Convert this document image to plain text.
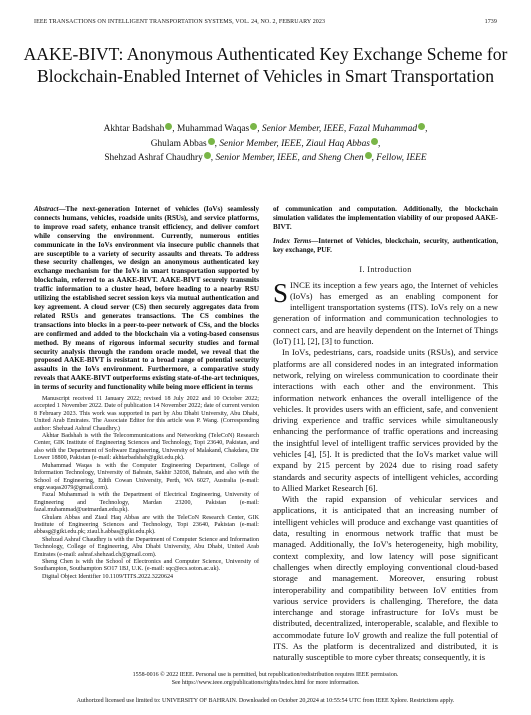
IEEE TRANSACTIONS ON INTELLIGENT TRANSPORTATION SYSTEMS, VOL. 24, NO. 2, FEBRUARY 2023	1739
AAKE-BIVT: Anonymous Authenticated Key Exchange Scheme for Blockchain-Enabled Internet of Vehicles in Smart Transportation
Akhtar Badshah , Muhammad Waqas , Senior Member, IEEE, Fazal Muhammad ,
Ghulam Abbas , Senior Member, IEEE, Ziaul Haq Abbas ,
Shehzad Ashraf Chaudhry , Senior Member, IEEE, and Sheng Chen , Fellow, IEEE
Abstract—The next-generation Internet of vehicles (IoVs) seamlessly connects humans, vehicles, roadside units (RSUs), and service platforms, to improve road safety, enhance transit efficiency, and deliver comfort while conserving the environment. Currently, numerous entities communicate in the IoVs environment via insecure public channels that are susceptible to a variety of security assaults and threats. To address these security challenges, we design an anonymous authenticated key exchange mechanism for the IoVs in smart transportation supported by blockchain, referred to as AAKE-BIVT. AAKE-BIVT securely transmits traffic information to a cluster head, before heading to a nearby RSU utilizing the established secret session keys via mutual authentication and key agreement. A cloud server (CS) then securely aggregates data from related RSUs and generates transactions. The CS combines the transactions into blocks in a peer-to-peer network of CSs, and the blocks are confirmed and added to the blockchain via a voting-based consensus method. By means of rigorous informal security studies and formal security analysis through the random oracle model, we reveal that the proposed AAKE-BIVT is resistant to a broad range of potential security assaults in the IoVs environment. Furthermore, a comparative study reveals that AAKE-BIVT outperforms existing state-of-the-art techniques, in terms of security and functionality while being more efficient in terms

Manuscript received 11 January 2022; revised 18 July 2022 and 10 October 2022; accepted 1 November 2022. Date of publication 14 November 2022; date of current version 8 February 2023. This work was supported in part by Abu Dhabi University, Abu Dhabi, United Arab Emirates. The Associate Editor for this article was P. Wang. (Corresponding author: Shehzad Ashraf Chaudhry.)

Akhtar Badshah is with the Telecommunications and Networking (TeleCoN) Research Center, GIK Institute of Engineering Sciences and Technology, Topi 23640, Pakistan, and also with the Department of Software Engineering, University of Malakand, Chakdara, Dir Lower 18800, Pakistan (e-mail: akhtarbadshah@giki.edu.pk).

Muhammad Waqas is with the Computer Engineering Department, College of Information Technology, University of Bahrain, Sakhir 32038, Bahrain, and also with the School of Engineering, Edith Cowan University, Perth, WA 6027, Australia (e-mail: engr.waqas2079@gmail.com).

Fazal Muhammad is with the Department of Electrical Engineering, University of Engineering and Technology, Mardan 23200, Pakistan (e-mail: fazal.muhammad@uetmardan.edu.pk).

Ghulam Abbas and Ziaul Haq Abbas are with the TeleCoN Research Center, GIK Institute of Engineering Sciences and Technology, Topi 23640, Pakistan (e-mail: abbasg@giki.edu.pk; ziaul.h.abbas@giki.edu.pk).

Shehzad Ashraf Chaudhry is with the Department of Computer Science and Information Technology, College of Engineering, Abu Dhabi University, Abu Dhabi, United Arab Emirates (e-mail: ashraf.shehzad.ch@gmail.com).

Sheng Chen is with the School of Electronics and Computer Science, University of Southampton, Southampton SO17 1BJ, U.K. (e-mail: sqc@ecs.soton.ac.uk).

Digital Object Identifier 10.1109/TITS.2022.3220624

of communication and computation. Additionally, the blockchain simulation validates the implementation viability of our proposed AAKE-BIVT.
Index Terms—Internet of Vehicles, blockchain, security, authentication, key exchange, PUF.
I. Introduction

SINCE its inception a few years ago, the Internet of vehicles (IoVs) has emerged as an enabling component for intelligent transportation systems (ITS). IoVs rely on a new generation of information and communication technologies to connect cars, and are heavily dependent on the Internet of Things (IoT) [1], [2], [3] to function.

In IoVs, pedestrians, cars, roadside units (RSUs), and service platforms are all considered nodes in an integrated information network, relying on wireless communication to coordinate their interactions with each other and the environment. This information network enhances the overall intelligence of the vehicles. It provides users with an efficient, safe, and convenient driving experience and traffic services while simultaneously enhancing the performance of traffic operations and increasing the insightful level of intelligent traffic services provided by the vehicles [4], [5]. It is predicted that the IoVs market value will expand by 215 percent by 2024 due to rising road safety standards and security aspects of intelligent vehicles, according to Allied Market Research [6].

With the rapid expansion of vehicular services and applications, it is anticipated that an increasing number of intelligent vehicles will produce and exchange vast quantities of data, resulting in enormous network traffic that must be managed. Additionally, the IoV's heterogeneity, high mobility, context complexity, and low latency will pose significant challenges when directly employing conventional cloud-based storage and management. Moreover, ensuring robust interoperability and compatibility between IoV entities from various service providers is challenging. Therefore, the data interchange and storage infrastructure for IoVs must be distributed, decentralized, interoperable, scalable, and flexible to accommodate future IoV growth and realize the full potential of ITS. As the platform is decentralized and distributed, it is naturally susceptible to more cyber threats; consequently, it is

1558-0016 © 2022 IEEE. Personal use is permitted, but republication/redistribution requires IEEE permission.
See https://www.ieee.org/publications/rights/index.html for more information.
Authorized licensed use limited to: UNIVERSITY OF BAHRAIN. Downloaded on October 20,2024 at 10:55:54 UTC from IEEE Xplore. Restrictions apply.
